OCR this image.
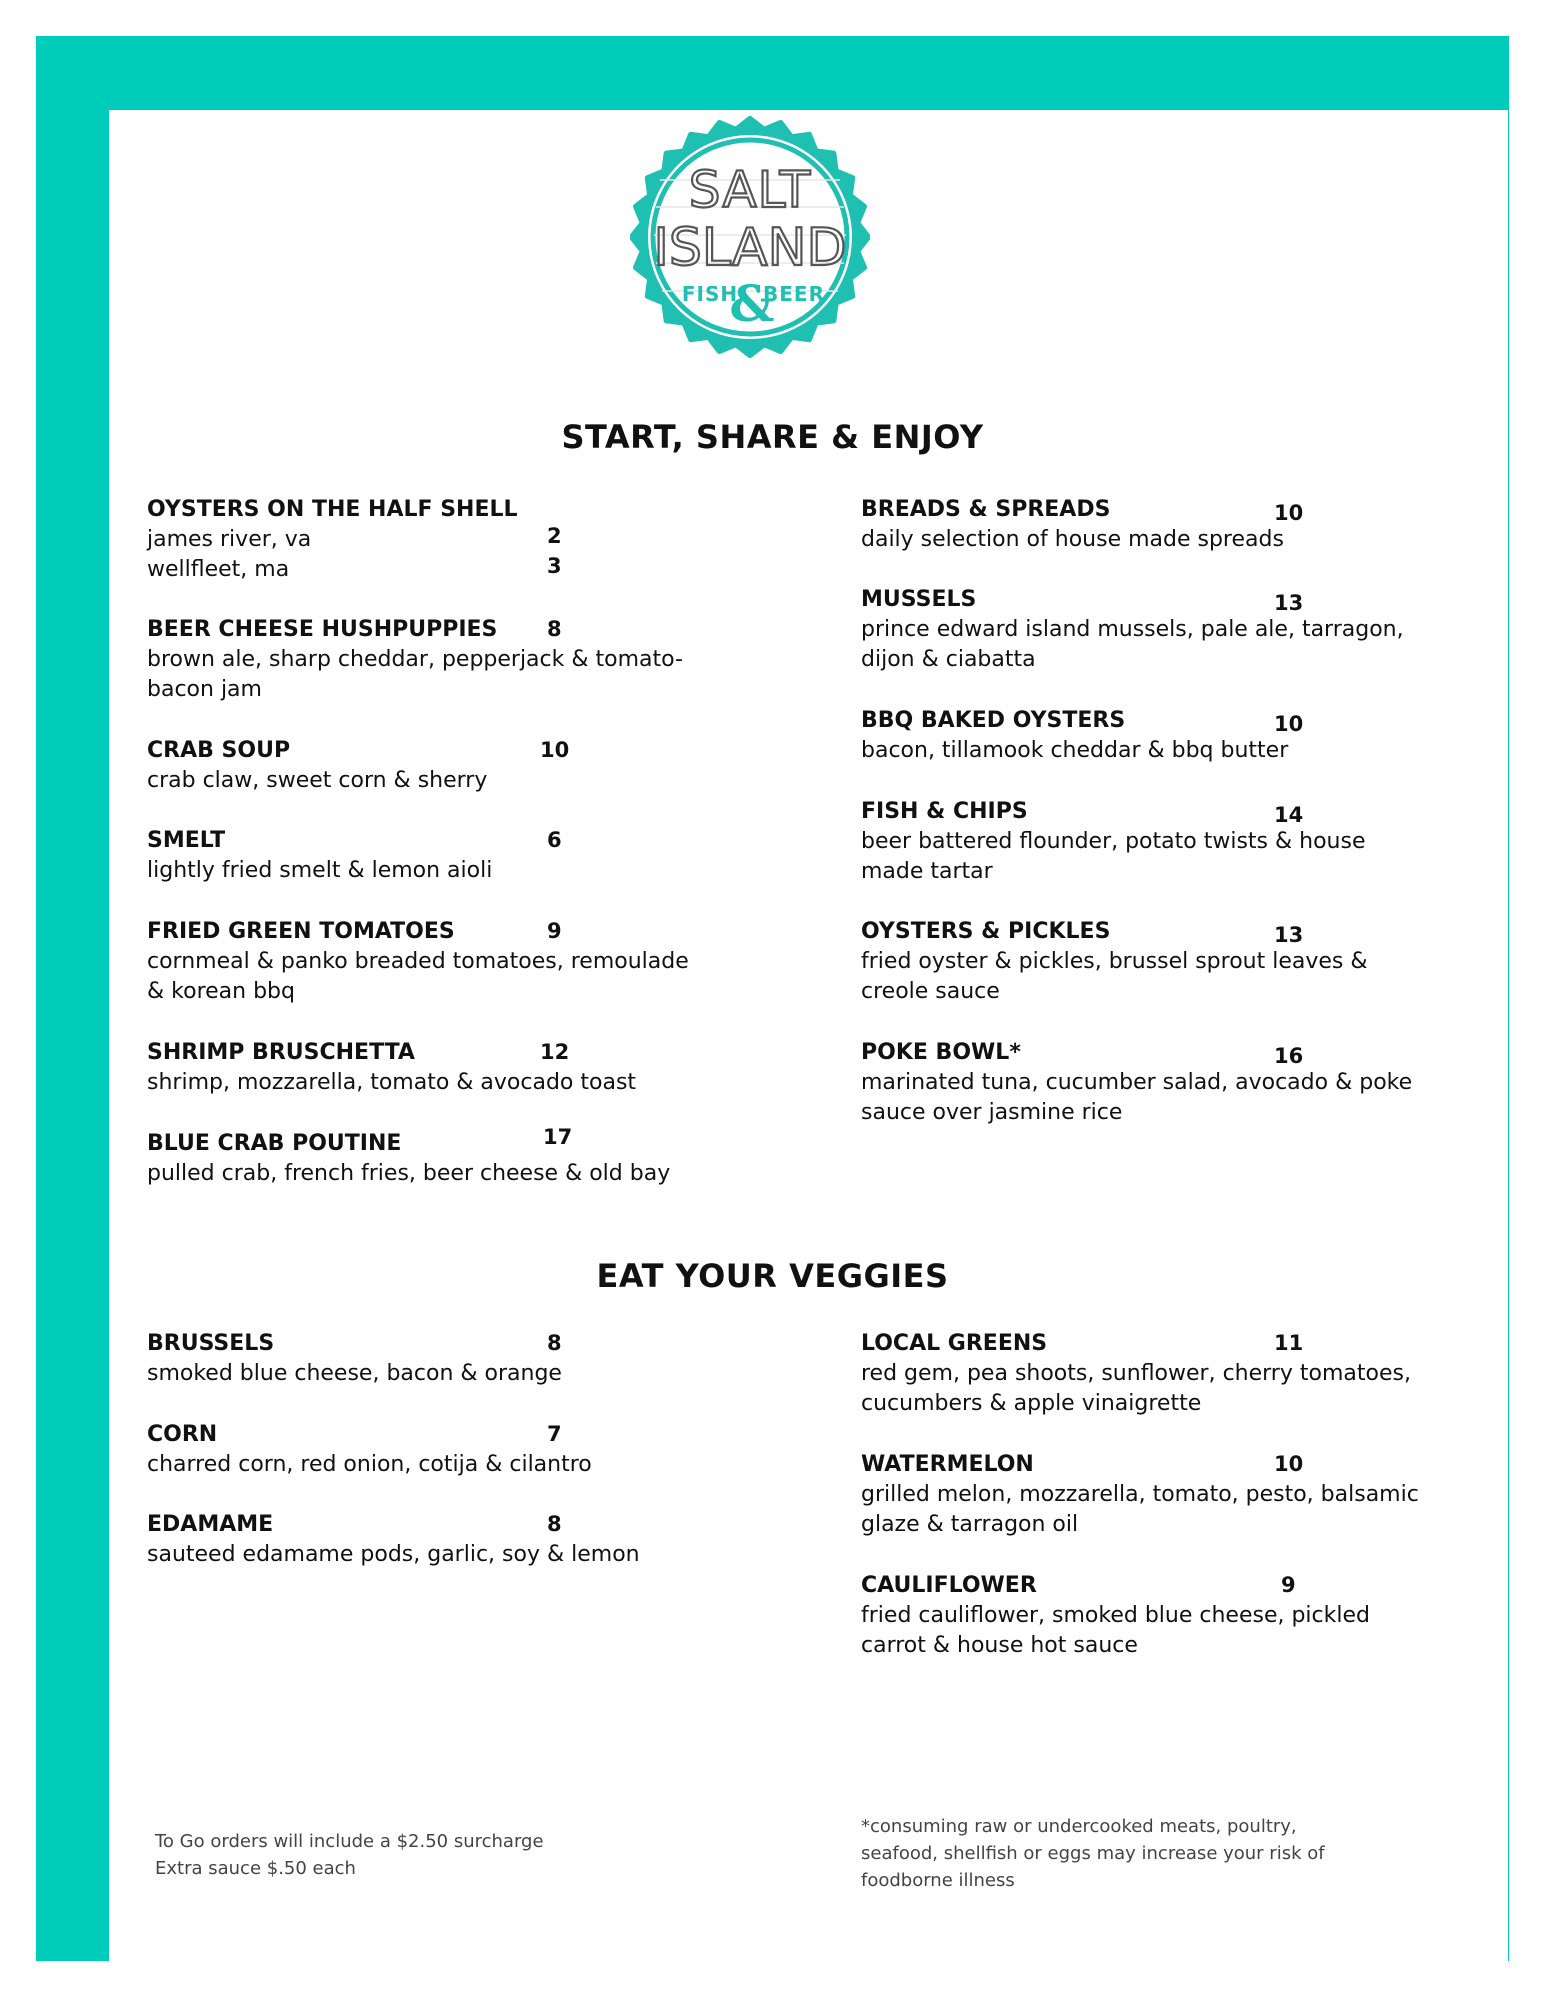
SALT
ISLAND
FISH
&
BEER
START, SHARE & ENJOY
OYSTERS ON THE HALF SHELL
james river, va	2
wellfleet, ma	3
BEER CHEESE HUSHPUPPIES	8
brown ale, sharp cheddar, pepperjack & tomato-bacon jam
CRAB SOUP	10
crab claw, sweet corn & sherry
SMELT	6
lightly fried smelt & lemon aioli
FRIED GREEN TOMATOES	9
cornmeal & panko breaded tomatoes, remoulade & korean bbq
SHRIMP BRUSCHETTA	12
shrimp, mozzarella, tomato & avocado toast
BLUE CRAB POUTINE	17
pulled crab, french fries, beer cheese & old bay
BREADS & SPREADS	10
daily selection of house made spreads
MUSSELS	13
prince edward island mussels, pale ale, tarragon, dijon & ciabatta
BBQ BAKED OYSTERS	10
bacon, tillamook cheddar & bbq butter
FISH & CHIPS	14
beer battered flounder, potato twists & house made tartar
OYSTERS & PICKLES	13
fried oyster & pickles, brussel sprout leaves & creole sauce
POKE BOWL*	16
marinated tuna, cucumber salad, avocado & poke sauce over jasmine rice
EAT YOUR VEGGIES
BRUSSELS	8
smoked blue cheese, bacon & orange
CORN	7
charred corn, red onion, cotija & cilantro
EDAMAME	8
sauteed edamame pods, garlic, soy & lemon
LOCAL GREENS	11
red gem, pea shoots, sunflower, cherry tomatoes, cucumbers & apple vinaigrette
WATERMELON	10
grilled melon, mozzarella, tomato, pesto, balsamic glaze & tarragon oil
CAULIFLOWER	9
fried cauliflower, smoked blue cheese, pickled carrot & house hot sauce
To Go orders will include a $2.50 surcharge
Extra sauce $.50 each
*consuming raw or undercooked meats, poultry, seafood, shellfish or eggs may increase your risk of foodborne illness
